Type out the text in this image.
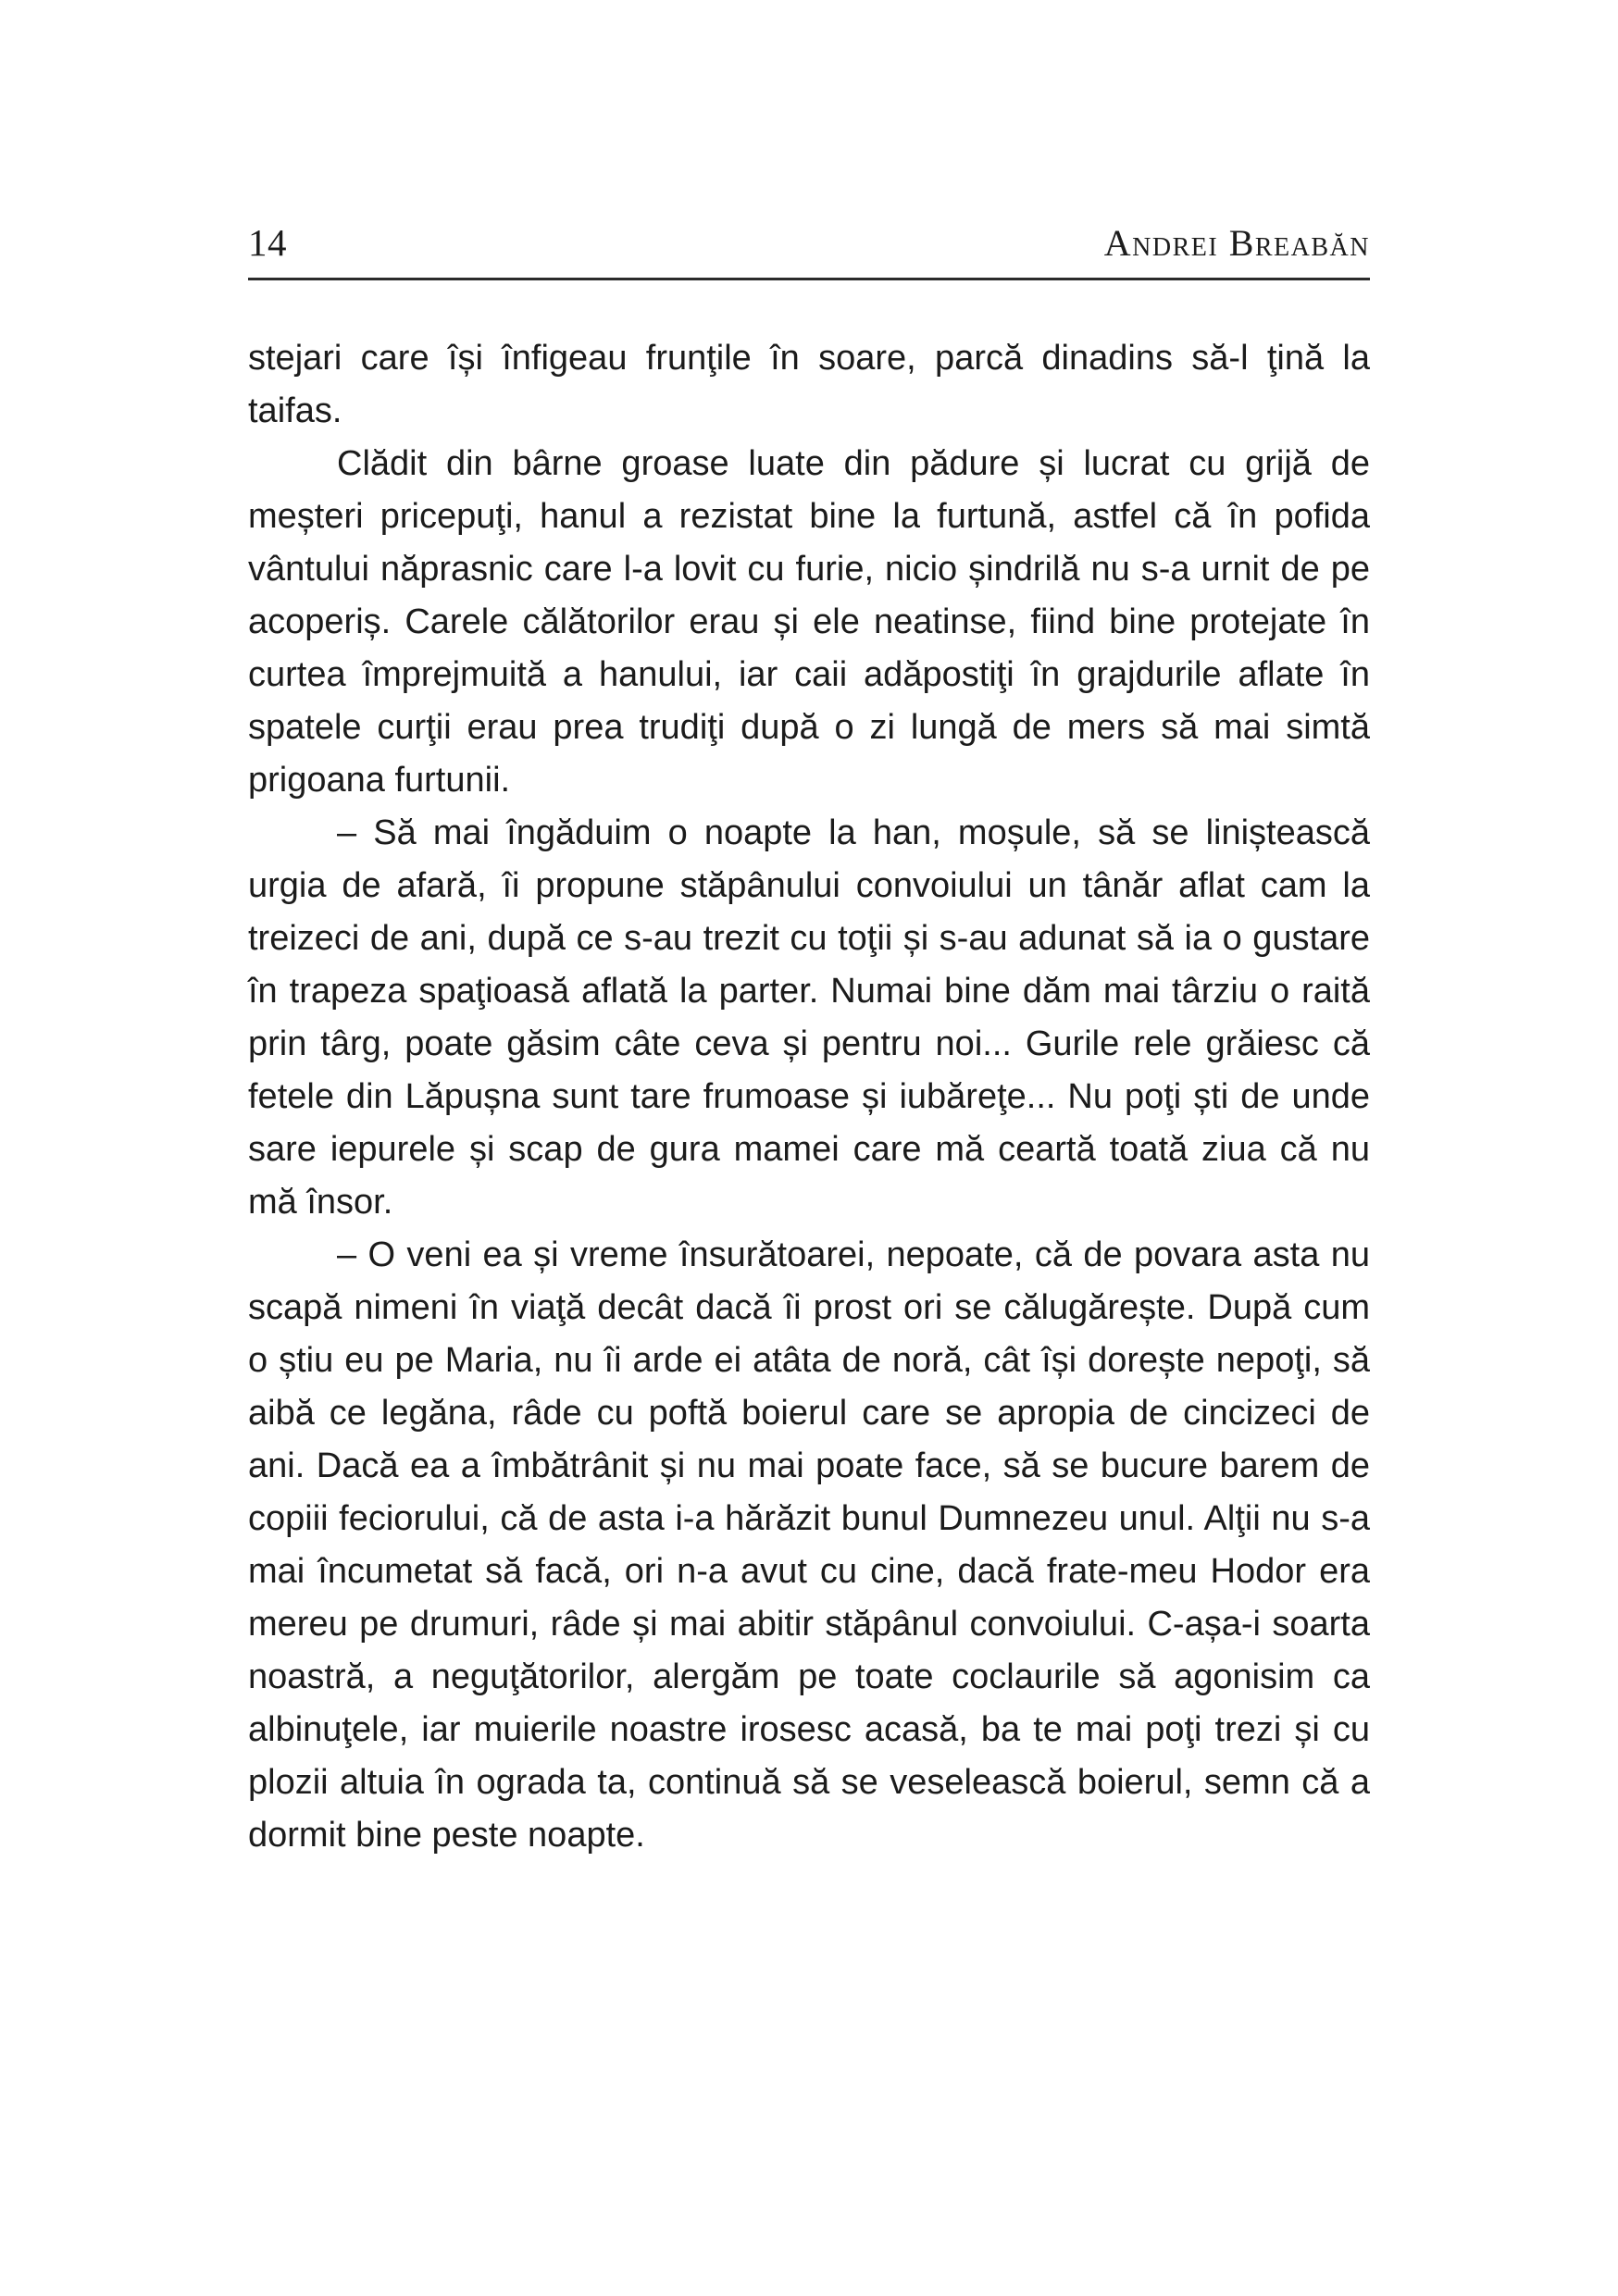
14	Andrei Breabăn

stejari care își înfigeau frunţile în soare, parcă dinadins să-l ţină la taifas.

Clădit din bârne groase luate din pădure și lucrat cu grijă de meșteri pricepuţi, hanul a rezistat bine la furtună, astfel că în pofida vântului năprasnic care l-a lovit cu furie, nicio șindrilă nu s-a urnit de pe acoperiș. Carele călătorilor erau și ele neatinse, fiind bine protejate în curtea împrejmuită a hanului, iar caii adăpostiţi în grajdurile aflate în spatele curţii erau prea trudiţi după o zi lungă de mers să mai simtă prigoana furtunii.

– Să mai îngăduim o noapte la han, moșule, să se liniștească urgia de afară, îi propune stăpânului convoiului un tânăr aflat cam la treizeci de ani, după ce s-au trezit cu toţii și s-au adunat să ia o gustare în trapeza spaţioasă aflată la parter. Numai bine dăm mai târziu o raită prin târg, poate găsim câte ceva și pentru noi... Gurile rele grăiesc că fetele din Lăpușna sunt tare frumoase și iubăreţe... Nu poţi ști de unde sare iepurele și scap de gura mamei care mă ceartă toată ziua că nu mă însor.

– O veni ea și vreme însurătoarei, nepoate, că de povara asta nu scapă nimeni în viaţă decât dacă îi prost ori se călugărește. După cum o știu eu pe Maria, nu îi arde ei atâta de noră, cât își dorește nepoţi, să aibă ce legăna, râde cu poftă boierul care se apropia de cincizeci de ani. Dacă ea a îmbătrânit și nu mai poate face, să se bucure barem de copiii feciorului, că de asta i-a hărăzit bunul Dumnezeu unul. Alţii nu s-a mai încumetat să facă, ori n-a avut cu cine, dacă frate-meu Hodor era mereu pe drumuri, râde și mai abitir stăpânul convoiului. C-așa-i soarta noastră, a neguţătorilor, alergăm pe toate coclaurile să agonisim ca albinuţele, iar muierile noastre irosesc acasă, ba te mai poţi trezi și cu plozii altuia în ograda ta, continuă să se veselească boierul, semn că a dormit bine peste noapte.
